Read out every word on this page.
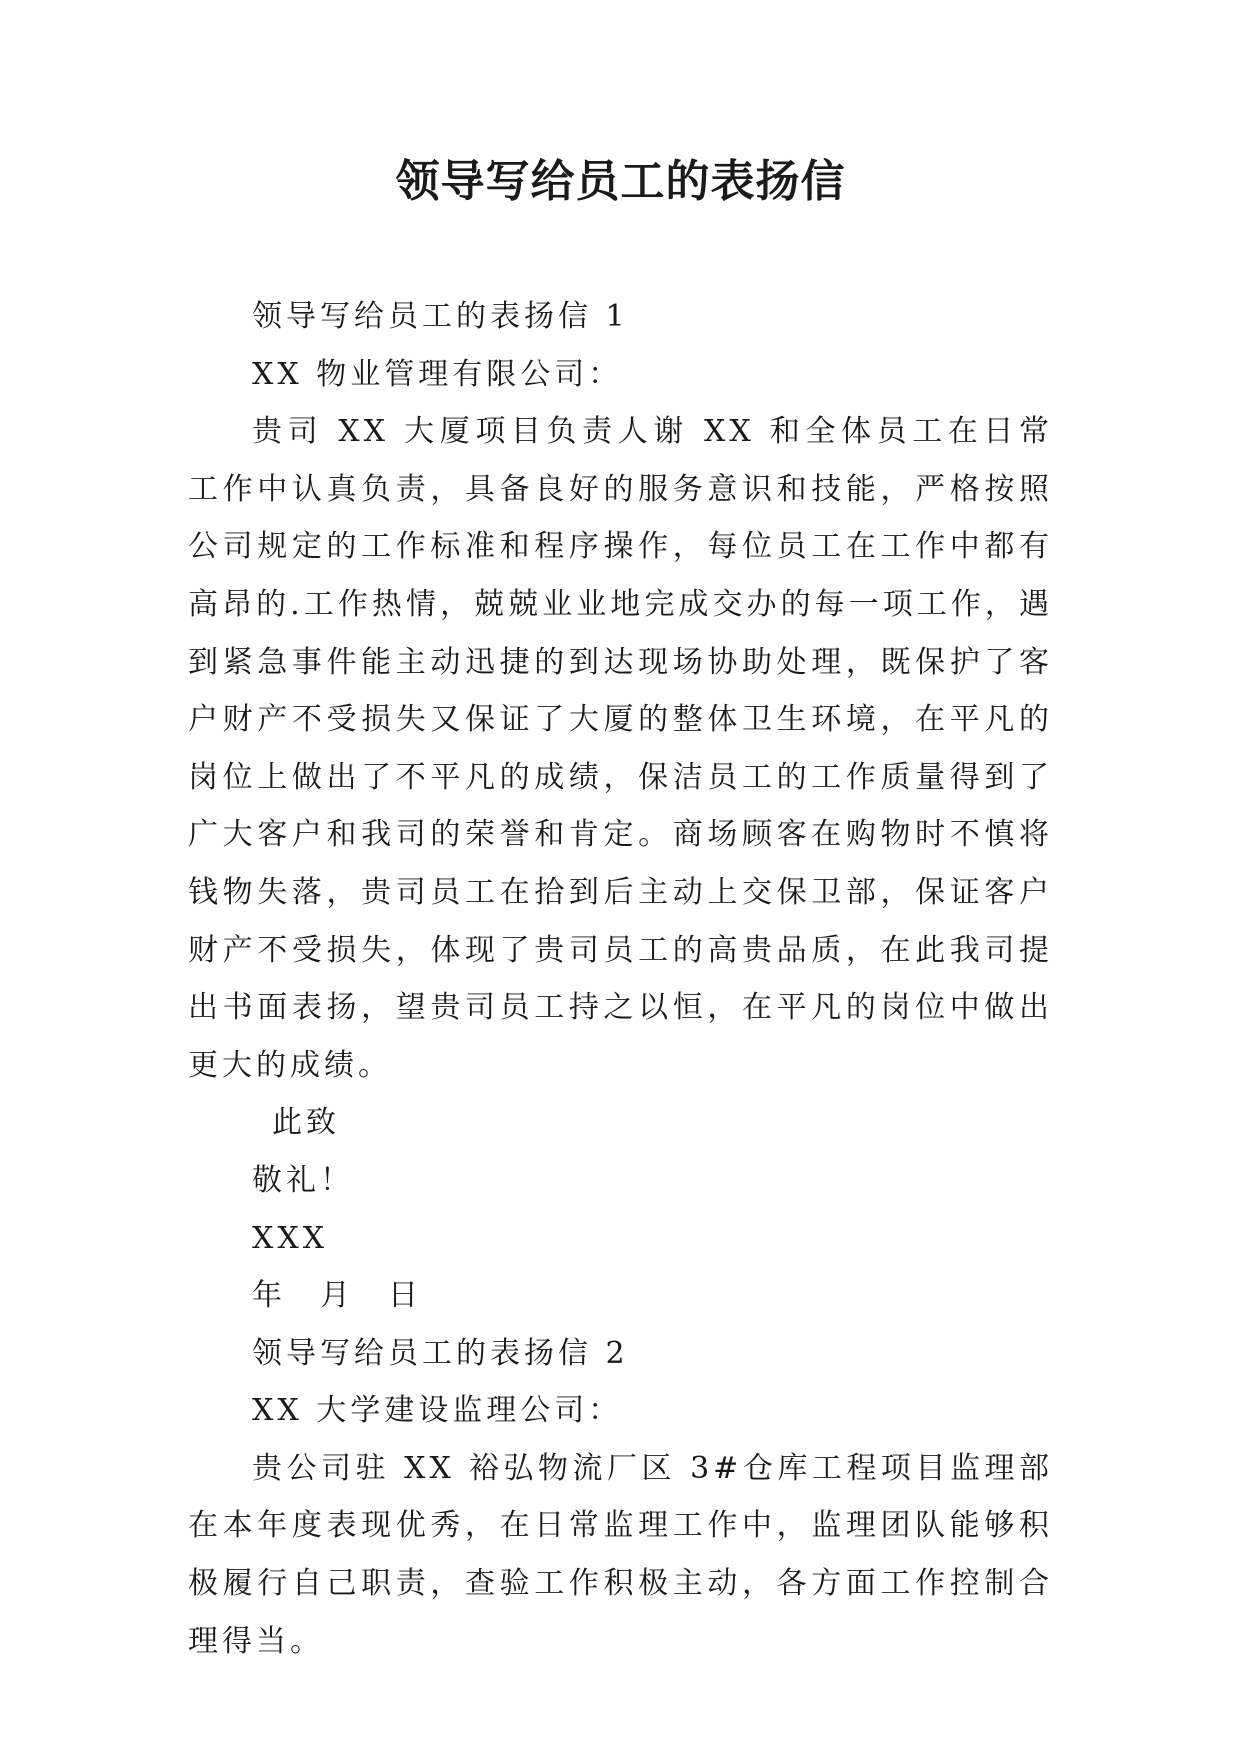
领导写给员工的表扬信

领导写给员工的表扬信 1

XX 物业管理有限公司：

贵司 XX 大厦项目负责人谢 XX 和全体员工在日常工作中认真负责，具备良好的服务意识和技能，严格按照公司规定的工作标准和程序操作，每位员工在工作中都有高昂的.工作热情，兢兢业业地完成交办的每一项工作，遇到紧急事件能主动迅捷的到达现场协助处理，既保护了客户财产不受损失又保证了大厦的整体卫生环境，在平凡的岗位上做出了不平凡的成绩，保洁员工的工作质量得到了广大客户和我司的荣誉和肯定。商场顾客在购物时不慎将钱物失落，贵司员工在拾到后主动上交保卫部，保证客户财产不受损失，体现了贵司员工的高贵品质，在此我司提出书面表扬，望贵司员工持之以恒，在平凡的岗位中做出更大的成绩。

此致

敬礼！

XXX

年　月　日

领导写给员工的表扬信 2

XX 大学建设监理公司：

贵公司驻 XX 裕弘物流厂区 3#仓库工程项目监理部在本年度表现优秀，在日常监理工作中，监理团队能够积极履行自己职责，查验工作积极主动，各方面工作控制合理得当。
